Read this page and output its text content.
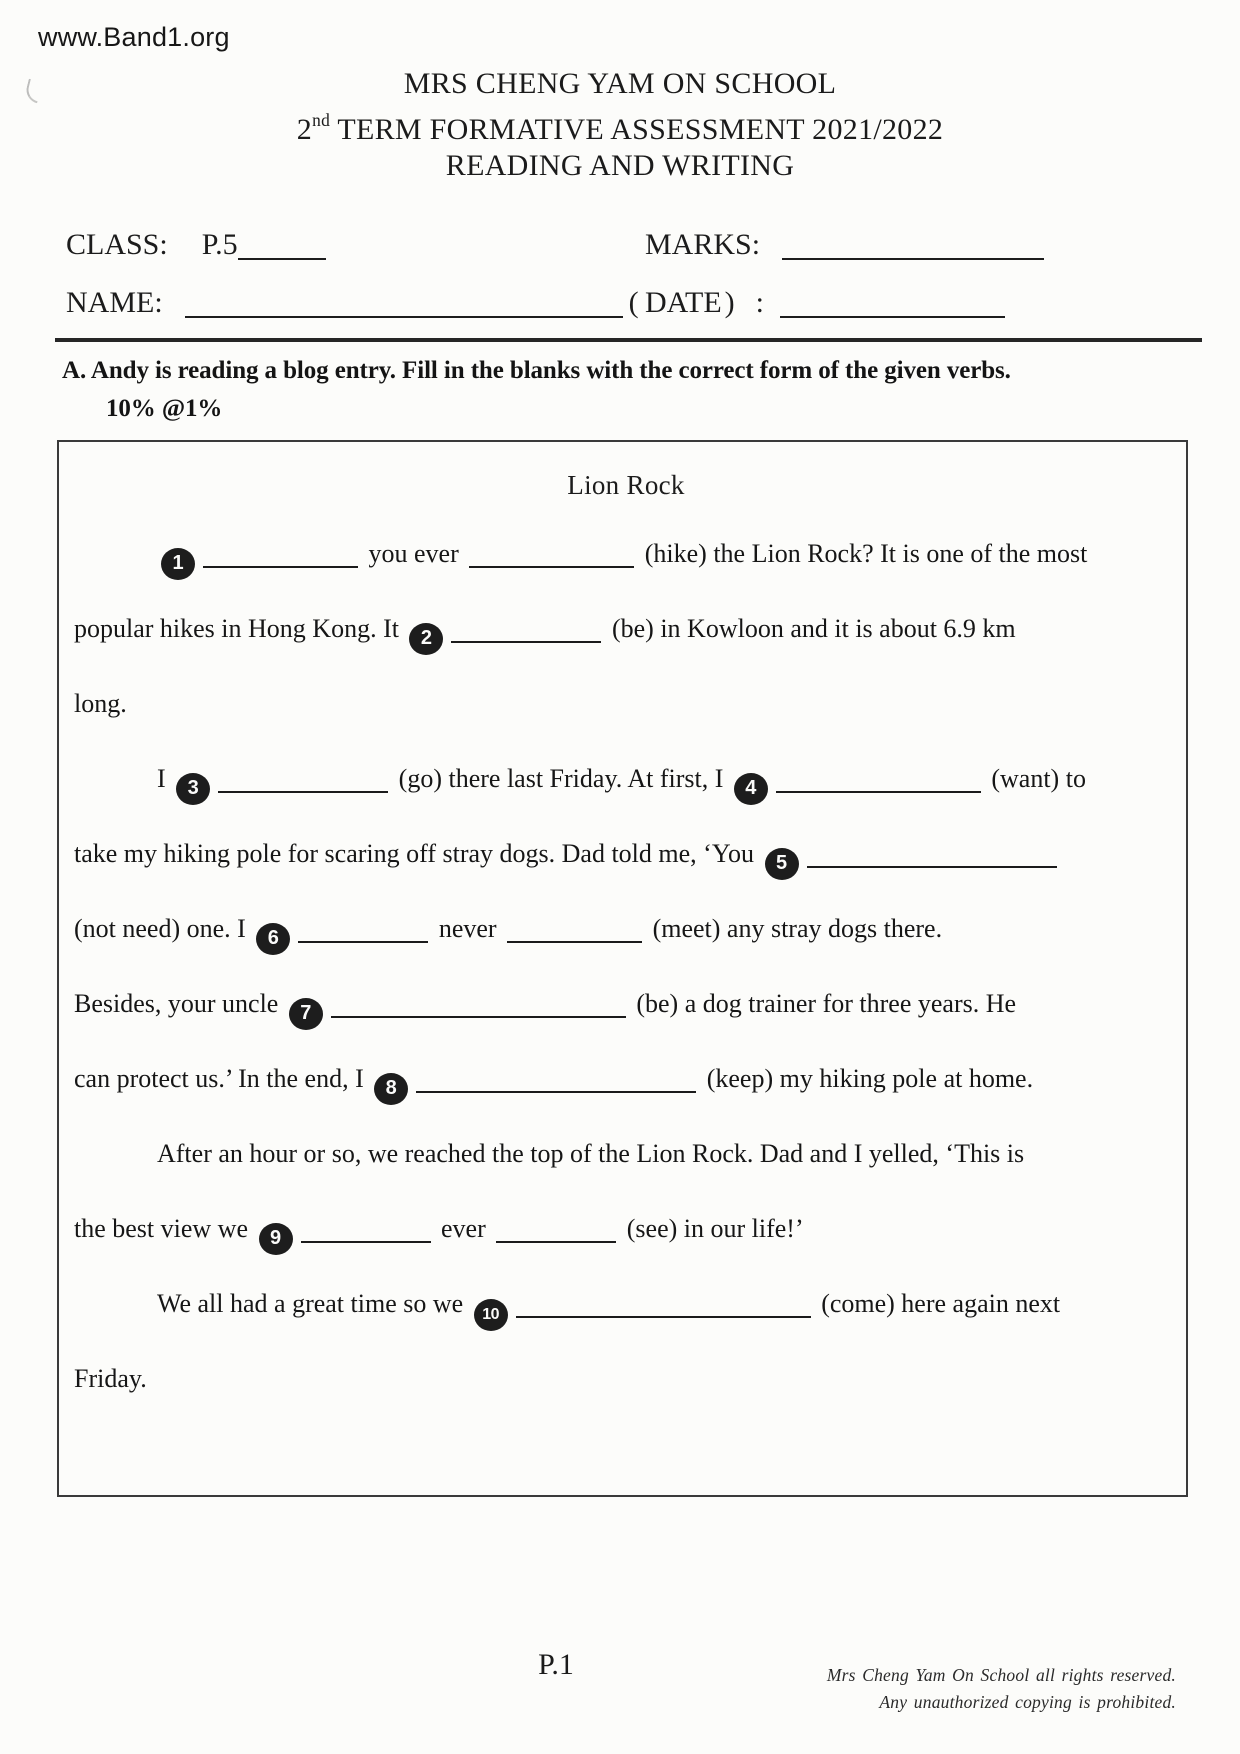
www.Band1.org
MRS CHENG YAM ON SCHOOL
2nd TERM FORMATIVE ASSESSMENT 2021/2022
READING AND WRITING
CLASS: P.5	MARKS:
NAME:	(	)
DATE :
A. Andy is reading a blog entry. Fill in the blanks with the correct form of the given verbs.
10% @1%
Lion Rock
1	you ever	(hike) the Lion Rock? It is one of the most
popular hikes in Hong Kong. It 2	(be) in Kowloon and it is about 6.9 km
long.
I 3	(go) there last Friday. At first, I 4	(want) to
take my hiking pole for scaring off stray dogs. Dad told me, ‘You 5
(not need) one. I 6	never	(meet) any stray dogs there.
Besides, your uncle 7	(be) a dog trainer for three years. He
can protect us.’ In the end, I 8	(keep) my hiking pole at home.
After an hour or so, we reached the top of the Lion Rock. Dad and I yelled, ‘This is
the best view we 9	ever	(see) in our life!’
We all had a great time so we 10	(come) here again next
Friday.
P.1	Mrs Cheng Yam On School all rights reserved.
Any unauthorized copying is prohibited.
